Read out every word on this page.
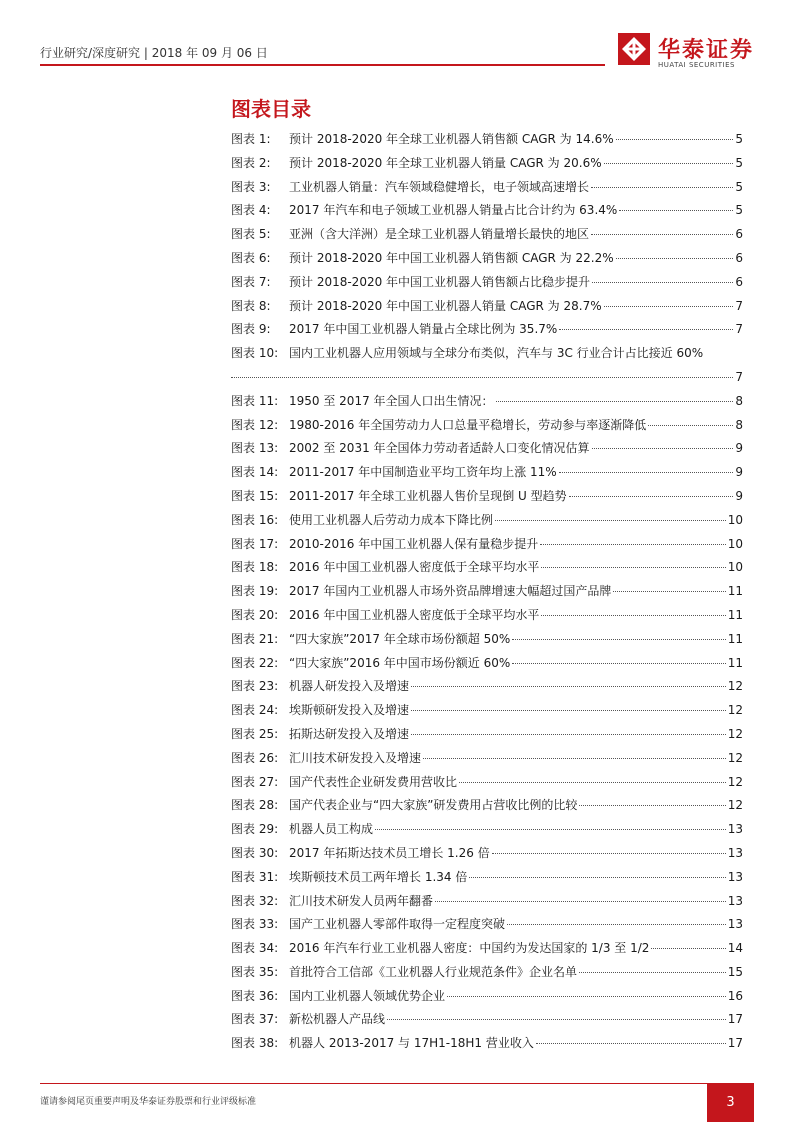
行业研究/深度研究 | 2018 年 09 月 06 日	华泰证券
HUATAI SECURITIES
图表目录
图表 1:	预计 2018-2020 年全球工业机器人销售额 CAGR 为 14.6%	5
图表 2:	预计 2018-2020 年全球工业机器人销量 CAGR 为 20.6%	5
图表 3:	工业机器人销量：汽车领域稳健增长，电子领域高速增长	5
图表 4:	2017 年汽车和电子领域工业机器人销量占比合计约为 63.4%	5
图表 5:	亚洲（含大洋洲）是全球工业机器人销量增长最快的地区	6
图表 6:	预计 2018-2020 年中国工业机器人销售额 CAGR 为 22.2%	6
图表 7:	预计 2018-2020 年中国工业机器人销售额占比稳步提升	6
图表 8:	预计 2018-2020 年中国工业机器人销量 CAGR 为 28.7%	7
图表 9:	2017 年中国工业机器人销量占全球比例为 35.7%	7
图表 10: 国内工业机器人应用领域与全球分布类似，汽车与 3C 行业合计占比接近 60%
7
图表 11: 1950 至 2017 年全国人口出生情况：	8
图表 12: 1980-2016 年全国劳动力人口总量平稳增长，劳动参与率逐渐降低	8
图表 13: 2002 至 2031 年全国体力劳动者适龄人口变化情况估算	9
图表 14: 2011-2017 年中国制造业平均工资年均上涨 11%	9
图表 15: 2011-2017 年全球工业机器人售价呈现倒 U 型趋势	9
图表 16: 使用工业机器人后劳动力成本下降比例	10
图表 17: 2010-2016 年中国工业机器人保有量稳步提升	10
图表 18: 2016 年中国工业机器人密度低于全球平均水平	10
图表 19: 2017 年国内工业机器人市场外资品牌增速大幅超过国产品牌	11
图表 20: 2016 年中国工业机器人密度低于全球平均水平	11
图表 21: “四大家族”2017 年全球市场份额超 50%	11
图表 22: “四大家族”2016 年中国市场份额近 60%	11
图表 23: 机器人研发投入及增速	12
图表 24: 埃斯顿研发投入及增速	12
图表 25: 拓斯达研发投入及增速	12
图表 26: 汇川技术研发投入及增速	12
图表 27: 国产代表性企业研发费用营收比	12
图表 28: 国产代表企业与“四大家族”研发费用占营收比例的比较	12
图表 29: 机器人员工构成	13
图表 30: 2017 年拓斯达技术员工增长 1.26 倍	13
图表 31: 埃斯顿技术员工两年增长 1.34 倍	13
图表 32: 汇川技术研发人员两年翻番	13
图表 33: 国产工业机器人零部件取得一定程度突破	13
图表 34: 2016 年汽车行业工业机器人密度：中国约为发达国家的 1/3 至 1/2	14
图表 35: 首批符合工信部《工业机器人行业规范条件》企业名单	15
图表 36: 国内工业机器人领域优势企业	16
图表 37: 新松机器人产品线	17
图表 38: 机器人 2013-2017 与 17H1-18H1 营业收入	17
谨请参阅尾页重要声明及华泰证券股票和行业评级标准	3
